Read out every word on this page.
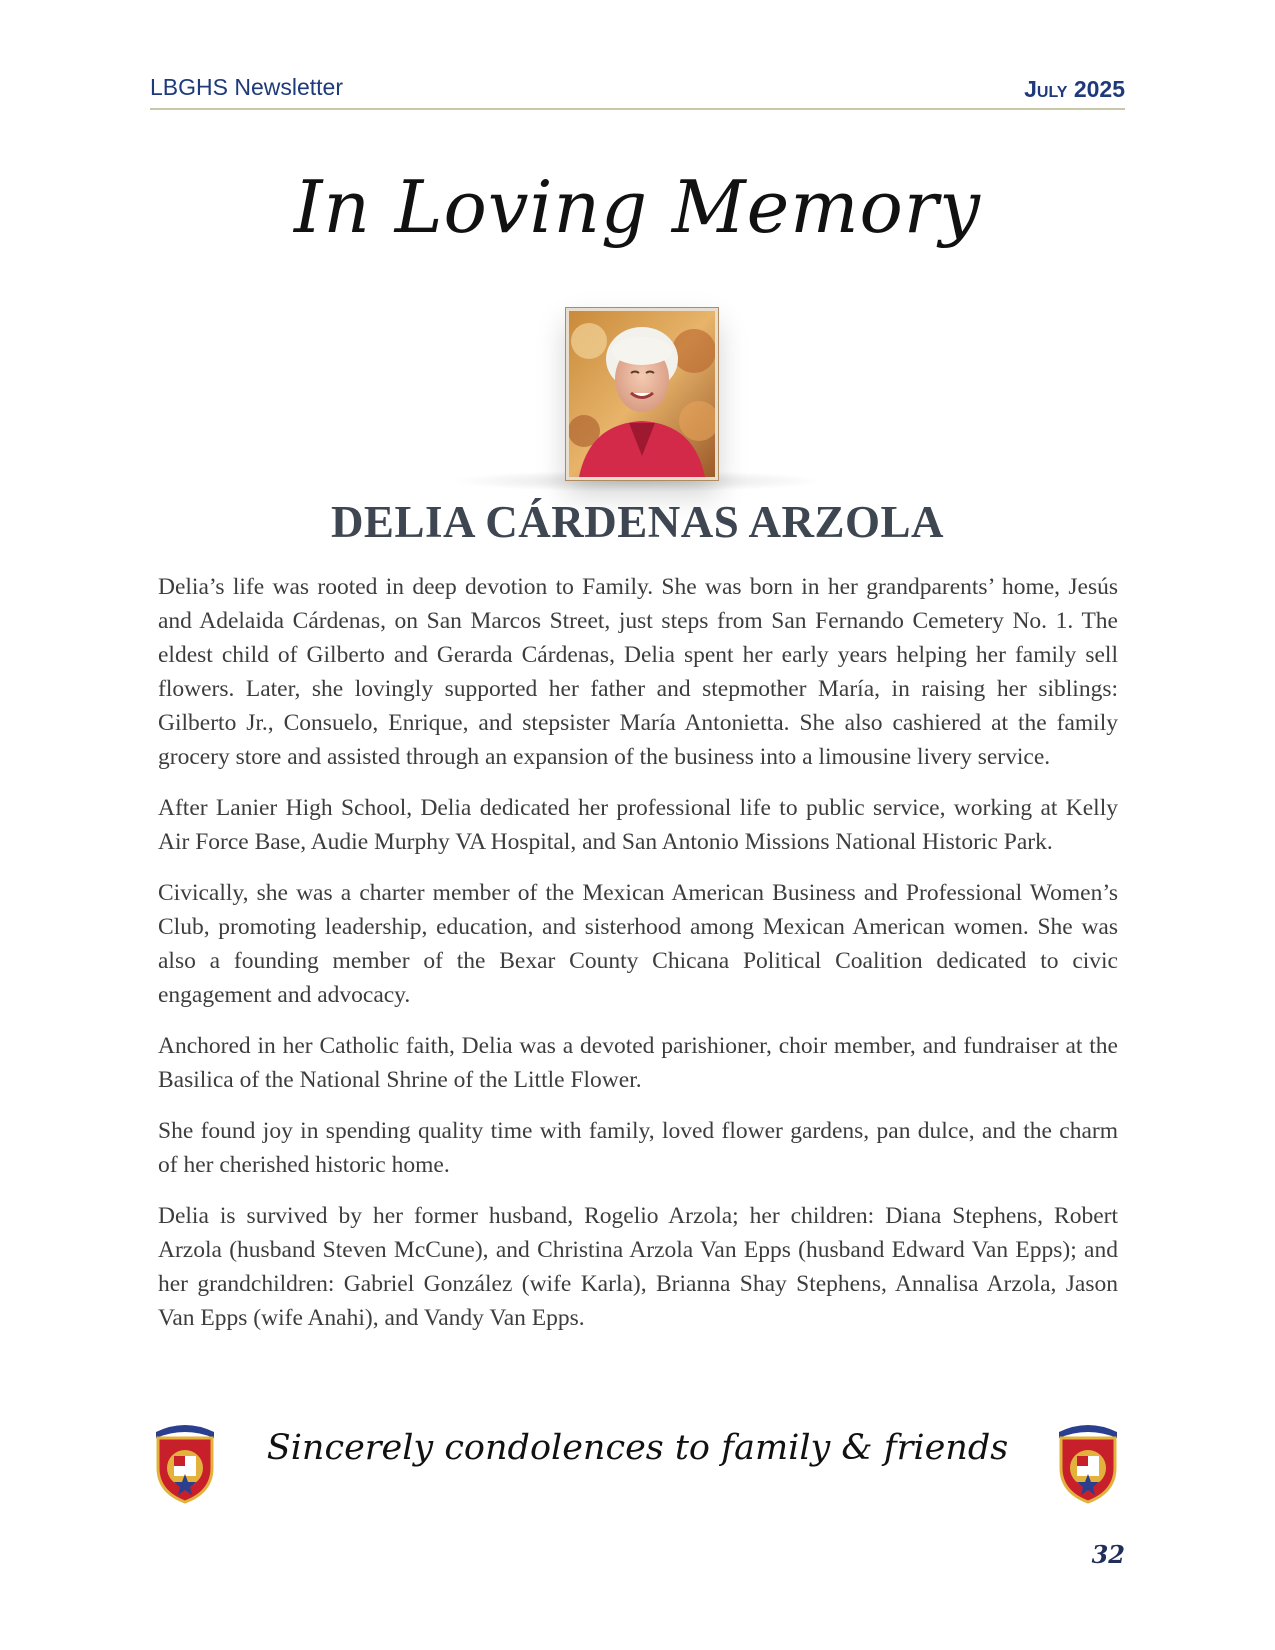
LBGHS Newsletter	July 2025
In Loving Memory
DELIA CÁRDENAS ARZOLA

Delia’s life was rooted in deep devotion to Family. She was born in her grandparents’ home, Jesús and Adelaida Cárdenas, on San Marcos Street, just steps from San Fernando Cemetery No. 1. The eldest child of Gilberto and Gerarda Cárdenas, Delia spent her early years helping her family sell flowers. Later, she lovingly supported her father and stepmother María, in raising her siblings: Gilberto Jr., Consuelo, Enrique, and stepsister María Antonietta. She also cashiered at the family grocery store and assisted through an expansion of the business into a limousine livery service.

After Lanier High School, Delia dedicated her professional life to public service, working at Kelly Air Force Base, Audie Murphy VA Hospital, and San Antonio Missions National Historic Park.

Civically, she was a charter member of the Mexican American Business and Professional Women’s Club, promoting leadership, education, and sisterhood among Mexican American women. She was also a founding member of the Bexar County Chicana Political Coalition dedicated to civic engagement and advocacy.

Anchored in her Catholic faith, Delia was a devoted parishioner, choir member, and fundraiser at the Basilica of the National Shrine of the Little Flower.

She found joy in spending quality time with family, loved flower gardens, pan dulce, and the charm of her cherished historic home.

Delia is survived by her former husband, Rogelio Arzola; her children: Diana Stephens, Robert Arzola (husband Steven McCune), and Christina Arzola Van Epps (husband Edward Van Epps); and her grandchildren: Gabriel González (wife Karla), Brianna Shay Stephens, Annalisa Arzola, Jason Van Epps (wife Anahi), and Vandy Van Epps.

Sincerely condolences to family & friends
32
